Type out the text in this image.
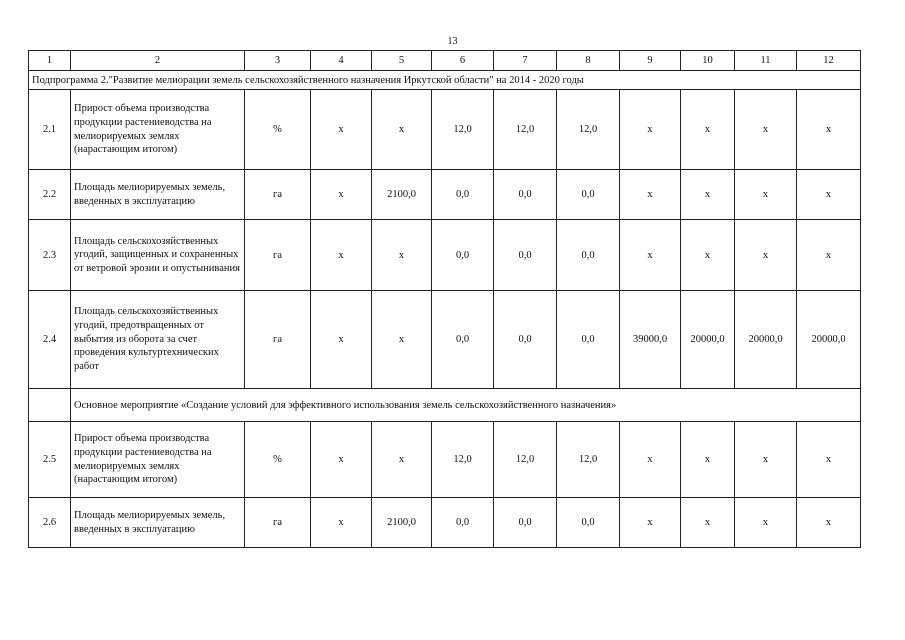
13
1	2	3	4	5	6	7	8	9	10	11	12
Подпрограмма 2."Развитие мелиорации земель сельскохозяйственного назначения Иркутской области" на 2014 - 2020 годы											
2.1	Прирост объема производства продукции растениеводства на мелиорируемых землях (нарастающим итогом)	%	x	x	12,0	12,0	12,0	x	x	x	x
2.2	Площадь мелиорируемых земель, введенных в эксплуатацию	га	x	2100,0	0,0	0,0	0,0	x	x	x	x
2.3	Площадь сельскохозяйственных угодий, защищенных и сохраненных от ветровой эрозии и опустынивания	га	x	x	0,0	0,0	0,0	x	x	x	x
2.4	Площадь сельскохозяйственных угодий, предотвращенных от выбытия из оборота за счет проведения культуртехнических работ	га	x	x	0,0	0,0	0,0	39000,0	20000,0	20000,0	20000,0
	Основное мероприятие «Создание условий для эффективного использования земель сельскохозяйственного назначения»										
2.5	Прирост объема производства продукции растениеводства на мелиорируемых землях (нарастающим итогом)	%	x	x	12,0	12,0	12,0	x	x	x	x
2.6	Площадь мелиорируемых земель, введенных в эксплуатацию	га	x	2100,0	0,0	0,0	0,0	x	x	x	x
